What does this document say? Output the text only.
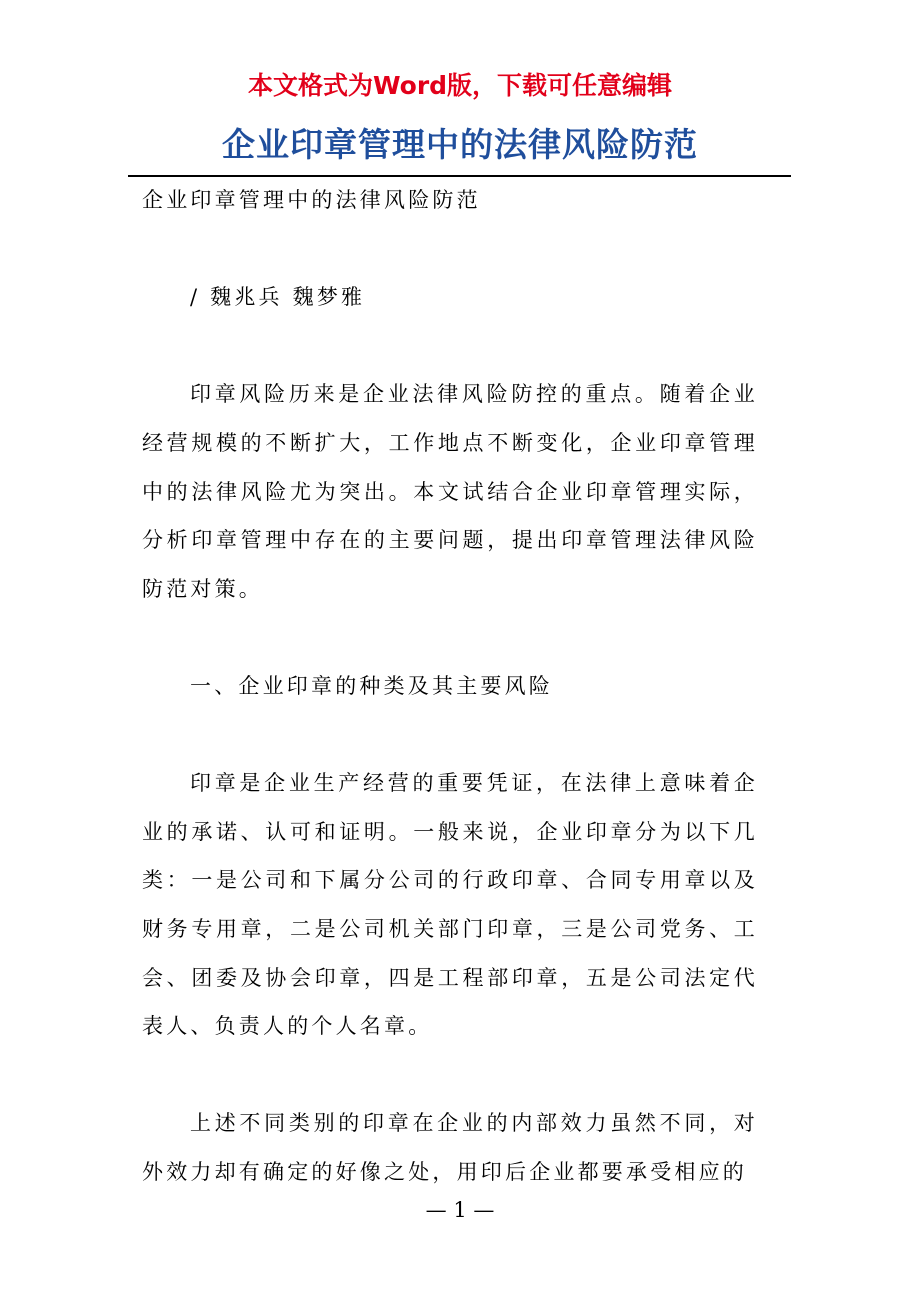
本文格式为Word版，下载可任意编辑
企业印章管理中的法律风险防范

企业印章管理中的法律风险防范

/ 魏兆兵 魏梦雅

印章风险历来是企业法律风险防控的重点。随着企业经营规模的不断扩大，工作地点不断变化，企业印章管理中的法律风险尤为突出。本文试结合企业印章管理实际，分析印章管理中存在的主要问题，提出印章管理法律风险防范对策。

一、企业印章的种类及其主要风险

印章是企业生产经营的重要凭证，在法律上意味着企业的承诺、认可和证明。一般来说，企业印章分为以下几类：一是公司和下属分公司的行政印章、合同专用章以及财务专用章，二是公司机关部门印章，三是公司党务、工会、团委及协会印章，四是工程部印章，五是公司法定代表人、负责人的个人名章。

上述不同类别的印章在企业的内部效力虽然不同，对外效力却有确定的好像之处，用印后企业都要承受相应的

— 1 —
